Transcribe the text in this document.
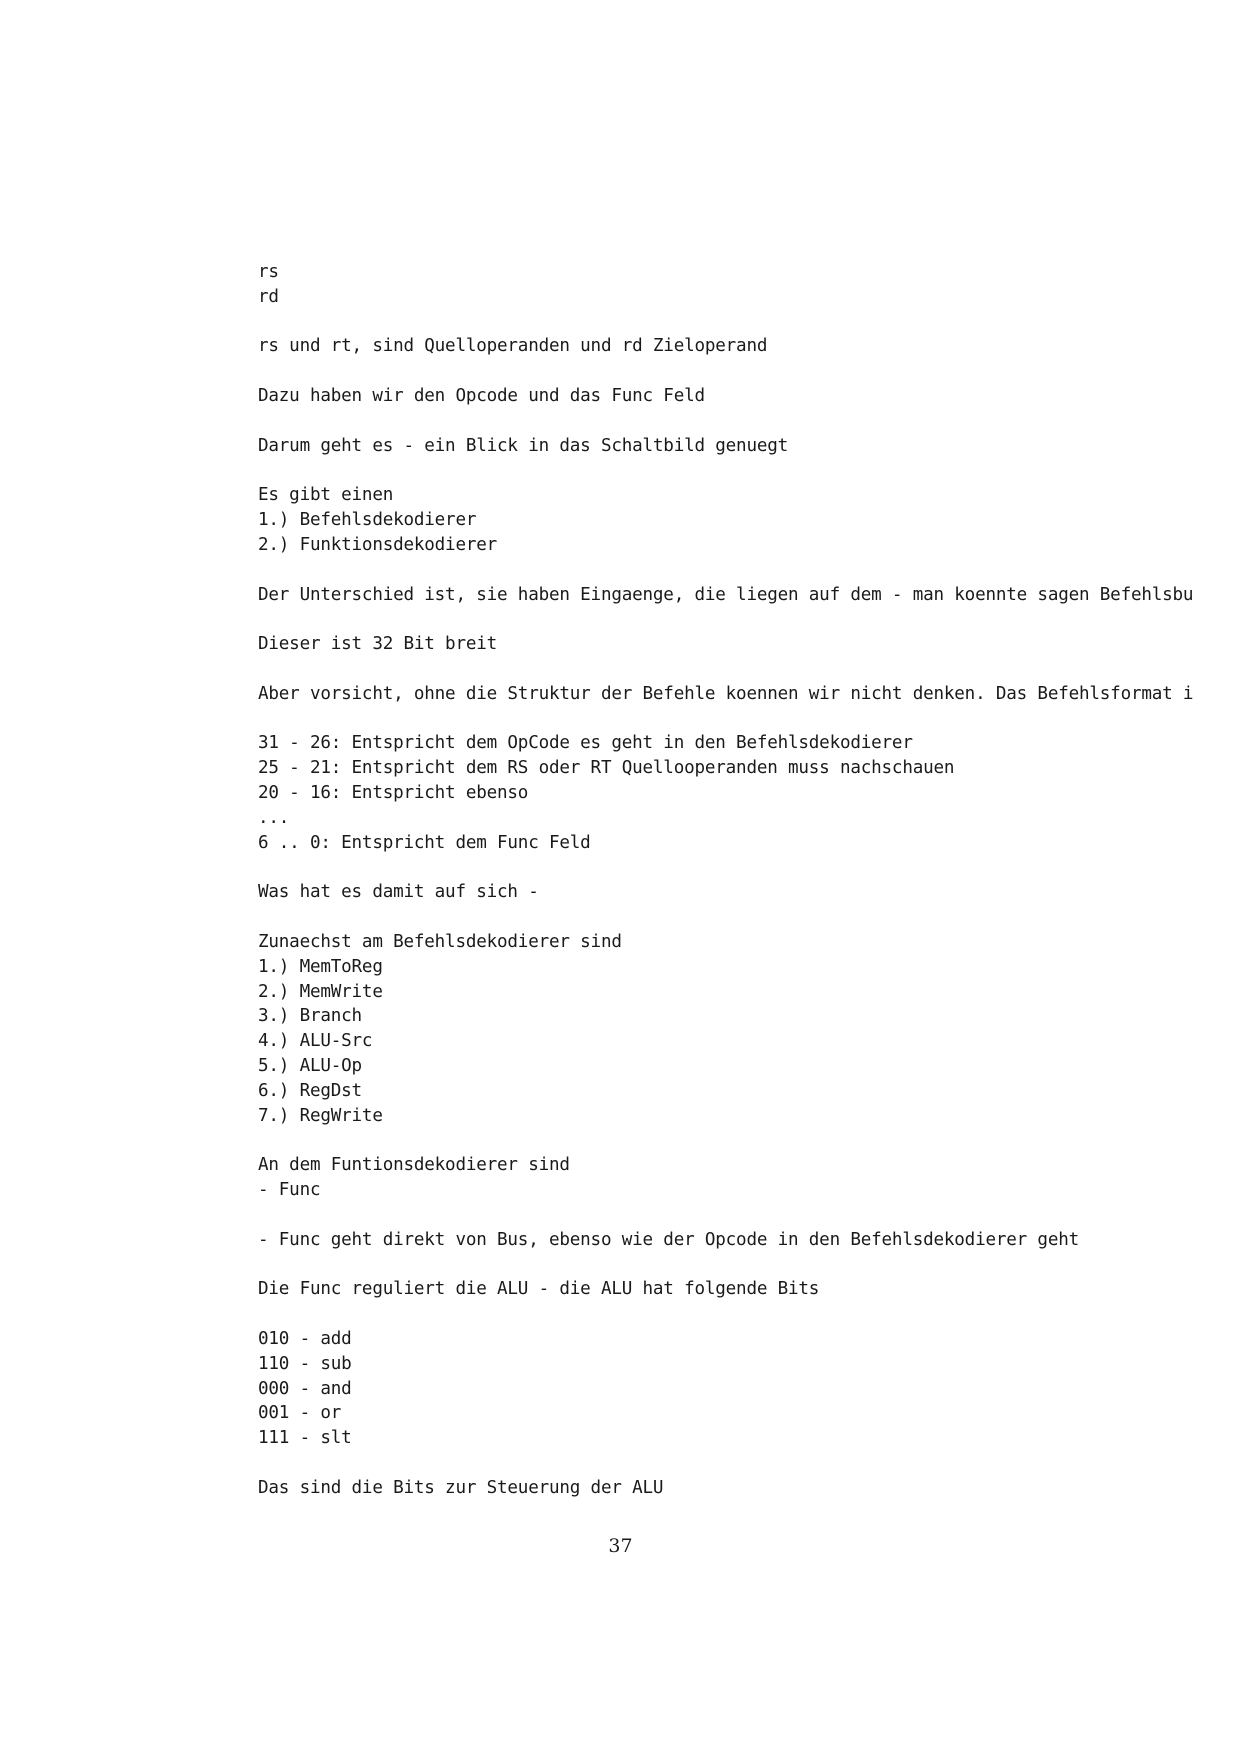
rs
rd
rs und rt, sind Quelloperanden und rd Zieloperand
Dazu haben wir den Opcode und das Func Feld
Darum geht es - ein Blick in das Schaltbild genuegt
Es gibt einen
1.) Befehlsdekodierer
2.) Funktionsdekodierer
Der Unterschied ist, sie haben Eingaenge, die liegen auf dem - man koennte sagen Befehlsbu
Dieser ist 32 Bit breit
Aber vorsicht, ohne die Struktur der Befehle koennen wir nicht denken. Das Befehlsformat i
31 - 26: Entspricht dem OpCode es geht in den Befehlsdekodierer
25 - 21: Entspricht dem RS oder RT Quellooperanden muss nachschauen
20 - 16: Entspricht ebenso
...
6 .. 0: Entspricht dem Func Feld
Was hat es damit auf sich -
Zunaechst am Befehlsdekodierer sind
1.) MemToReg
2.) MemWrite
3.) Branch
4.) ALU-Src
5.) ALU-Op
6.) RegDst
7.) RegWrite
An dem Funtionsdekodierer sind
- Func
- Func geht direkt von Bus, ebenso wie der Opcode in den Befehlsdekodierer geht
Die Func reguliert die ALU - die ALU hat folgende Bits
010 - add
110 - sub
000 - and
001 - or
111 - slt
Das sind die Bits zur Steuerung der ALU
37
